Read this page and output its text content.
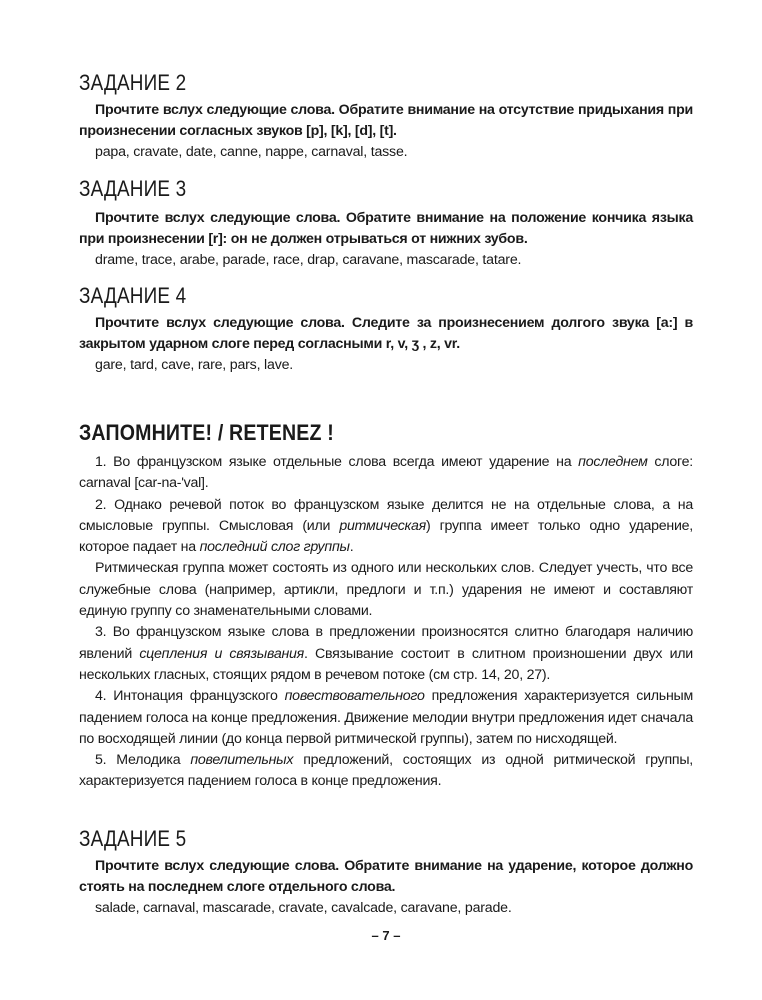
ЗАДАНИЕ 2

Прочтите вслух следующие слова. Обратите внимание на отсутствие придыхания при произнесении согласных звуков [p], [k], [d], [t].

papa, cravate, date, canne, nappe, carnaval, tasse.

ЗАДАНИЕ 3

Прочтите вслух следующие слова. Обратите внимание на положение кончика языка при произнесении [r]: он не должен отрываться от нижних зубов.

drame, trace, arabe, parade, race, drap, caravane, mascarade, tatare.

ЗАДАНИЕ 4

Прочтите вслух следующие слова. Следите за произнесением долгого звука [a:] в закрытом ударном слоге перед согласными r, v, ʒ , z, vr.

gare, tard, cave, rare, pars, lave.

ЗАПОМНИТЕ! / RETENEZ !

1. Во французском языке отдельные слова всегда имеют ударение на последнем слоге: carnaval [car-na-'val].

2. Однако речевой поток во французском языке делится не на отдельные слова, а на смысловые группы. Смысловая (или ритмическая) группа имеет только одно ударение, которое падает на последний слог группы.

Ритмическая группа может состоять из одного или нескольких слов. Следует учесть, что все служебные слова (например, артикли, предлоги и т.п.) ударения не имеют и составляют единую группу со знаменательными словами.

3. Во французском языке слова в предложении произносятся слитно благодаря наличию явлений сцепления и связывания. Связывание состоит в слитном произношении двух или нескольких гласных, стоящих рядом в речевом потоке (см стр. 14, 20, 27).

4. Интонация французского повествовательного предложения характеризуется сильным падением голоса на конце предложения. Движение мелодии внутри предложения идет сначала по восходящей линии (до конца первой ритмической группы), затем по нисходящей.

5. Мелодика повелительных предложений, состоящих из одной ритмической группы, характеризуется падением голоса в конце предложения.

ЗАДАНИЕ 5

Прочтите вслух следующие слова. Обратите внимание на ударение, которое должно стоять на последнем слоге отдельного слова.

salade, carnaval, mascarade, cravate, cavalcade, caravane, parade.

– 7 –
